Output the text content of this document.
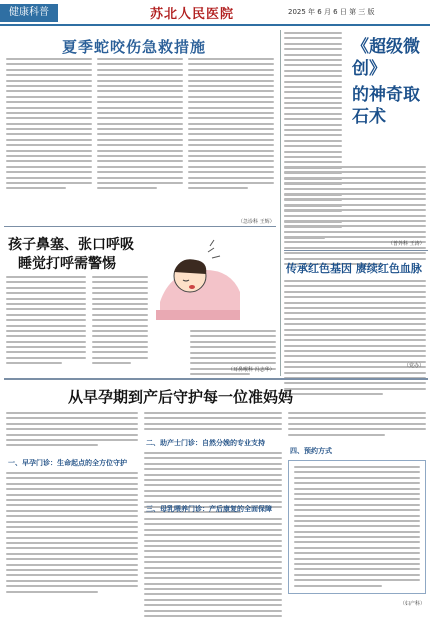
健康科普	苏北人民医院	2025 年 6 月 6 日 第 三 版
夏季蛇咬伤急救措施
（急诊科 王辉）
孩子鼻塞、张口呼吸
睡觉打呼需警惕
（耳鼻喉科 冯志华）
《超级微创》
的神奇取石术
（普外科 王涛）
传承红色基因 赓续红色血脉
（党办）
从早孕期到产后守护每一位准妈妈
一、早孕门诊：生命起点的全方位守护
二、助产士门诊：自然分娩的专业支持
三、母乳喂养门诊：产后康复的全面保障
四、预约方式
（妇产科）
